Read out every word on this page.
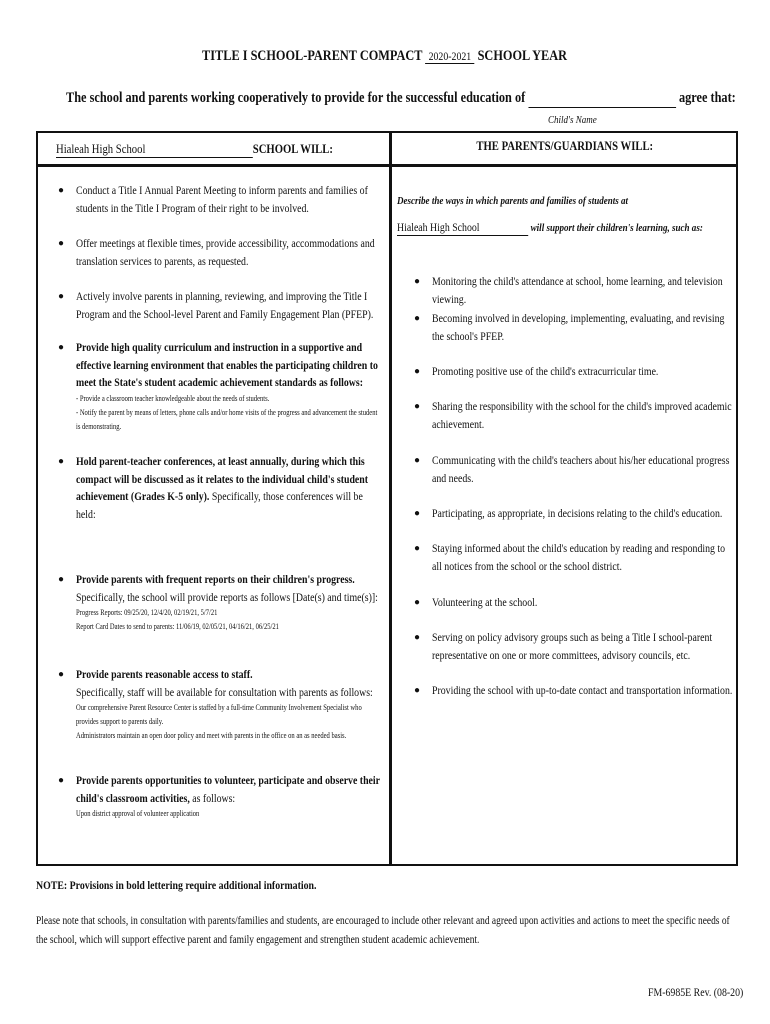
TITLE I SCHOOL-PARENT COMPACT 2020-2021 SCHOOL YEAR
The school and parents working cooperatively to provide for the successful education of	agree that:
Child's Name
Hialeah High School	SCHOOL WILL:	THE PARENTS/GUARDIANS WILL:
● Conduct a Title I Annual Parent Meeting to inform parents and families of students in the Title I Program of their right to be involved.
● Offer meetings at flexible times, provide accessibility, accommodations and translation services to parents, as requested.
● Actively involve parents in planning, reviewing, and improving the Title I Program and the School-level Parent and Family Engagement Plan (PFEP).
● Provide high quality curriculum and instruction in a supportive and effective learning environment that enables the participating children to meet the State's student academic achievement standards as follows:
- Provide a classroom teacher knowledgeable about the needs of students.
- Notify the parent by means of letters, phone calls and/or home visits of the progress and advancement the student is demonstrating.
● Hold parent-teacher conferences, at least annually, during which this compact will be discussed as it relates to the individual child's student achievement (Grades K-5 only). Specifically, those conferences will be held:
● Provide parents with frequent reports on their children's progress. Specifically, the school will provide reports as follows [Date(s) and time(s)]:
Progress Reports: 09/25/20, 12/4/20, 02/19/21, 5/7/21
Report Card Dates to send to parents: 11/06/19, 02/05/21, 04/16/21, 06/25/21
● Provide parents reasonable access to staff.
Specifically, staff will be available for consultation with parents as follows:
Our comprehensive Parent Resource Center is staffed by a full-time Community Involvement Specialist who provides support to parents daily.
Administrators maintain an open door policy and meet with parents in the office on an as needed basis.
● Provide parents opportunities to volunteer, participate and observe their child's classroom activities, as follows:
Upon district approval of volunteer application
Describe the ways in which parents and families of students at
Hialeah High School	will support their children's learning, such as:
● Monitoring the child's attendance at school, home learning, and television viewing.
● Becoming involved in developing, implementing, evaluating, and revising the school's PFEP.
● Promoting positive use of the child's extracurricular time.
● Sharing the responsibility with the school for the child's improved academic achievement.
● Communicating with the child's teachers about his/her educational progress and needs.
● Participating, as appropriate, in decisions relating to the child's education.
● Staying informed about the child's education by reading and responding to all notices from the school or the school district.
● Volunteering at the school.
● Serving on policy advisory groups such as being a Title I school-parent representative on one or more committees, advisory councils, etc.
● Providing the school with up-to-date contact and transportation information.
NOTE: Provisions in bold lettering require additional information.
Please note that schools, in consultation with parents/families and students, are encouraged to include other relevant and agreed upon activities and actions to meet the specific needs of the school, which will support effective parent and family engagement and strengthen student academic achievement.
FM-6985E Rev. (08-20)
